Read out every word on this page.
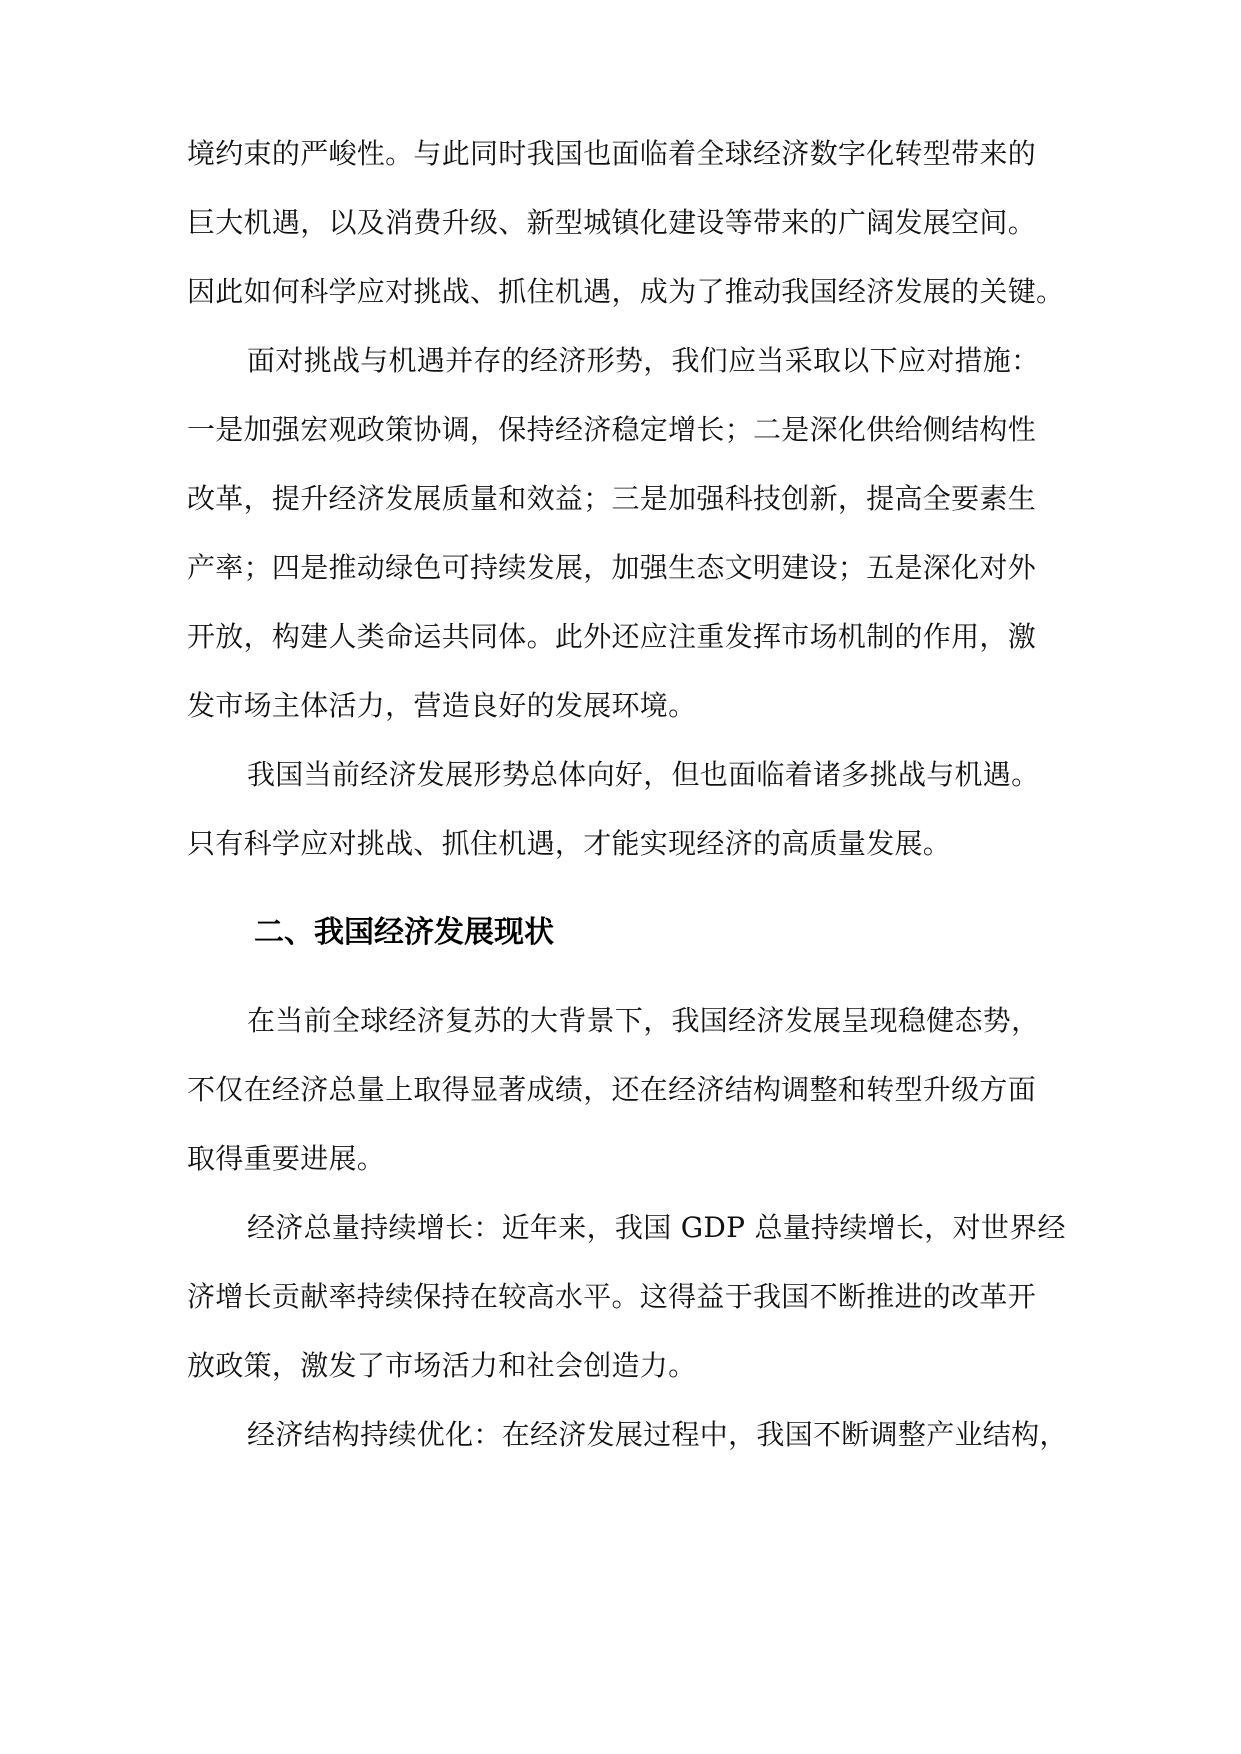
境约束的严峻性。与此同时我国也面临着全球经济数字化转型带来的
巨大机遇，以及消费升级、新型城镇化建设等带来的广阔发展空间。
因此如何科学应对挑战、抓住机遇，成为了推动我国经济发展的关键。
面对挑战与机遇并存的经济形势，我们应当采取以下应对措施：
一是加强宏观政策协调，保持经济稳定增长；二是深化供给侧结构性
改革，提升经济发展质量和效益；三是加强科技创新，提高全要素生
产率；四是推动绿色可持续发展，加强生态文明建设；五是深化对外
开放，构建人类命运共同体。此外还应注重发挥市场机制的作用，激
发市场主体活力，营造良好的发展环境。
我国当前经济发展形势总体向好，但也面临着诸多挑战与机遇。
只有科学应对挑战、抓住机遇，才能实现经济的高质量发展。
二、我国经济发展现状
在当前全球经济复苏的大背景下，我国经济发展呈现稳健态势，
不仅在经济总量上取得显著成绩，还在经济结构调整和转型升级方面
取得重要进展。
经济总量持续增长：近年来，我国 GDP 总量持续增长，对世界经
济增长贡献率持续保持在较高水平。这得益于我国不断推进的改革开
放政策，激发了市场活力和社会创造力。
经济结构持续优化：在经济发展过程中，我国不断调整产业结构，
